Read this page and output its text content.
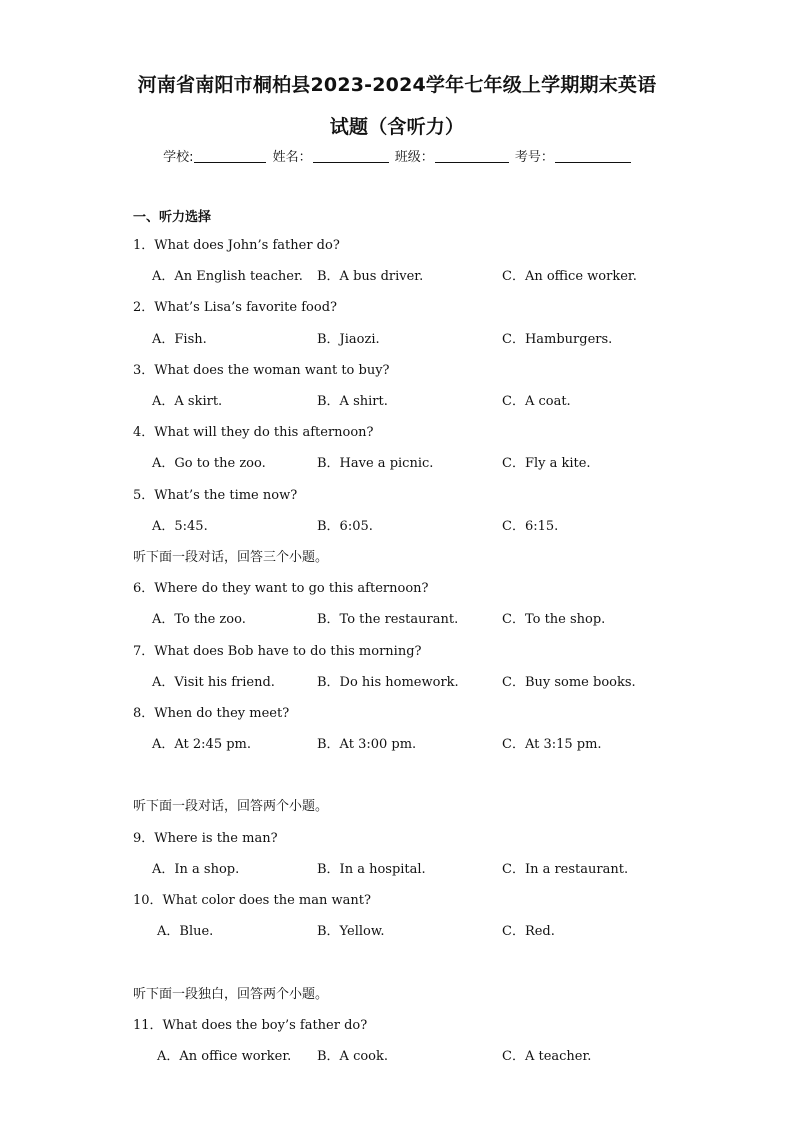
河南省南阳市桐柏县2023-2024学年七年级上学期期末英语
试题（含听力）
学校:	姓名：	班级：	考号：
一、听力选择
1．What does John’s father do?
A．An English teacher. B．A bus driver.	C．An office worker.
2．What’s Lisa’s favorite food?
A．Fish.	B．Jiaozi.	C．Hamburgers.
3．What does the woman want to buy?
A．A skirt.	B．A shirt.	C．A coat.
4．What will they do this afternoon?
A．Go to the zoo.	B．Have a picnic.	C．Fly a kite.
5．What’s the time now?
A．5:45.	B．6:05.	C．6:15.
听下面一段对话，回答三个小题。
6．Where do they want to go this afternoon?
A．To the zoo.	B．To the restaurant.	C．To the shop.
7．What does Bob have to do this morning?
A．Visit his friend.	B．Do his homework.	C．Buy some books.
8．When do they meet?
A．At 2:45 pm.	B．At 3:00 pm.	C．At 3:15 pm.
听下面一段对话，回答两个小题。
9．Where is the man?
A．In a shop.	B．In a hospital.	C．In a restaurant.
10．What color does the man want?
A．Blue.	B．Yellow.	C．Red.
听下面一段独白，回答两个小题。
11．What does the boy’s father do?
A．An office worker. B．A cook.	C．A teacher.
